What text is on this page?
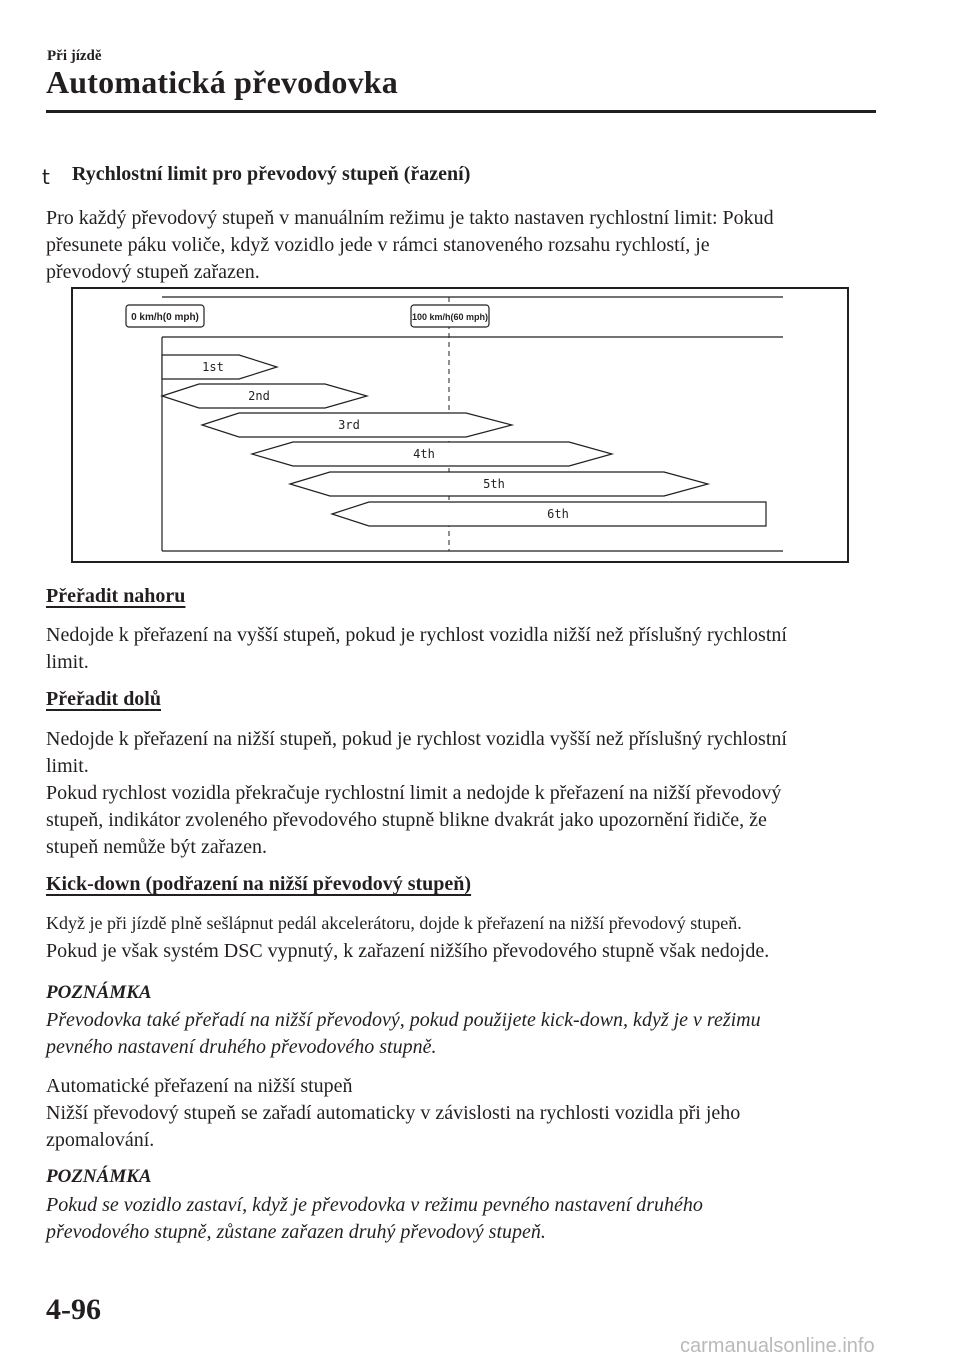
Při jízdě
Automatická převodovka
t Rychlostní limit pro převodový stupeň (řazení)
Pro každý převodový stupeň v manuálním režimu je takto nastaven rychlostní limit: Pokud
přesunete páku voliče, když vozidlo jede v rámci stanoveného rozsahu rychlostí, je
převodový stupeň zařazen.
0 km/h(0 mph)	100 km/h(60 mph)
1st
2nd
3rd
4th
5th
6th
Přeřadit nahoru
Nedojde k přeřazení na vyšší stupeň, pokud je rychlost vozidla nižší než příslušný rychlostní
limit.
Přeřadit dolů
Nedojde k přeřazení na nižší stupeň, pokud je rychlost vozidla vyšší než příslušný rychlostní
limit.
Pokud rychlost vozidla překračuje rychlostní limit a nedojde k přeřazení na nižší převodový
stupeň, indikátor zvoleného převodového stupně blikne dvakrát jako upozornění řidiče, že
stupeň nemůže být zařazen.
Kick-down (podřazení na nižší převodový stupeň)
Když je při jízdě plně sešlápnut pedál akcelerátoru, dojde k přeřazení na nižší převodový stupeň.
Pokud je však systém DSC vypnutý, k zařazení nižšího převodového stupně však nedojde.
POZNÁMKA
Převodovka také přeřadí na nižší převodový, pokud použijete kick-down, když je v režimu
pevného nastavení druhého převodového stupně.
Automatické přeřazení na nižší stupeň
Nižší převodový stupeň se zařadí automaticky v závislosti na rychlosti vozidla při jeho
zpomalování.
POZNÁMKA
Pokud se vozidlo zastaví, když je převodovka v režimu pevného nastavení druhého
převodového stupně, zůstane zařazen druhý převodový stupeň.
4-96
carmanualsonline.info
